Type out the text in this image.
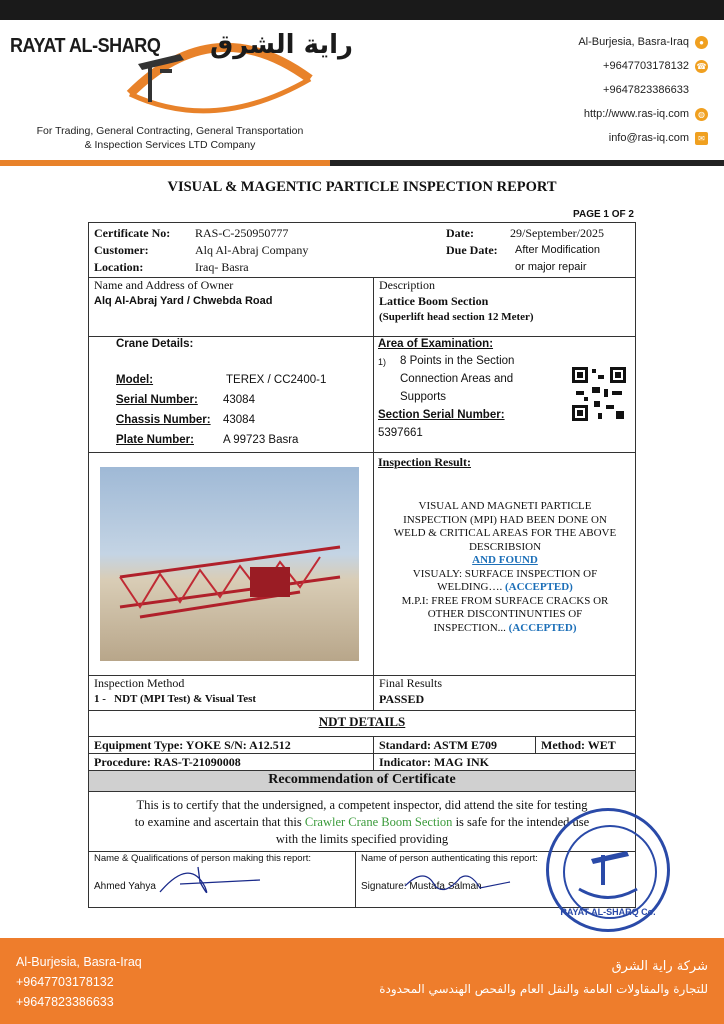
RAYAT AL-SHARQ راية الشرق
For Trading, General Contracting, General Transportation
& Inspection Services LTD Company
Al-Burjesia, Basra-Iraq	●
+9647703178132 ☎
+9647823386633
http://www.ras-iq.com	◍
info@ras-iq.com	✉
VISUAL & MAGENTIC PARTICLE INSPECTION REPORT
PAGE 1 OF 2
Certificate No: RAS-C-250950777
Customer:	Alq Al-Abraj Company
Location:	Iraq- Basra
Date:	29/September/2025
Due Date: After Modification
or major repair
Name and Address of Owner
Alq Al-Abraj Yard / Chwebda Road
Description
Lattice Boom Section
(Superlift head section 12 Meter)
Crane Details:
Model:	TEREX / CC2400-1
Serial Number: 43084
Chassis Number: 43084
Plate Number:	A 99723 Basra
Area of Examination:
1) 8 Points in the Section
Connection Areas and
Supports
Section Serial Number:
5397661
Inspection Result:
VISUAL AND MAGNETI PARTICLE
INSPECTION (MPI) HAD BEEN DONE ON
WELD & CRITICAL AREAS FOR THE ABOVE
DESCRIBSION
AND FOUND
VISUALY: SURFACE INSPECTION OF
WELDING…. (ACCEPTED)
M.P.I: FREE FROM SURFACE CRACKS OR
OTHER DISCONTINUNTIES OF
INSPECTION... (ACCEPTED)
Inspection Method
1 -   NDT (MPI Test) & Visual Test
Final Results
PASSED
NDT DETAILS
Equipment Type: YOKE S/N: A12.512	Standard: ASTM E709	Method: WET
Procedure: RAS-T-21090008	Indicator: MAG INK
Recommendation of Certificate
This is to certify that the undersigned, a competent inspector, did attend the site for testing
to examine and ascertain that this Crawler Crane Boom Section is safe for the intended use
with the limits specified providing
Name & Qualifications of person making this report:
Ahmed Yahya
Name of person authenticating this report:
Signature: Mustafa Salman
RAYAT AL-SHARQ Co.
Al-Burjesia, Basra-Iraq
+9647703178132
+9647823386633
شركة راية الشرق
للتجارة والمقاولات العامة والنقل العام والفحص الهندسي المحدودة
